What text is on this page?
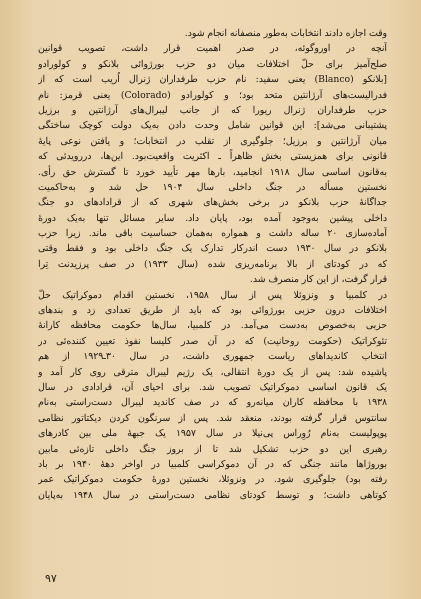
وقت اجازه دادند انتخابات به‌طور منصفانه انجام شود.
آنچه در اوروگوئه، در صدر اهمیت قرار داشت، تصویب قوانین
صلح‌آمیز برای حلّ اختلافات میان دو حزب بورژوائی بلانکو و کولورادو
[بلانکو (Blanco) یعنی سفید: نام حزب طرفداران ژنرال اُریب است که از
فدرالیست‌های آرژانتین متحد بود؛ و کولورادو (Colorado) یعنی قرمز: نام
حزب طرفداران ژنرال ریورا که از جانب لیبرال‌های آرژانتین و برزیل
پشتیبانی می‌شد]: این قوانین شامل وحدت دادن به‌یک دولت کوچک ساختگی
میان آرژانتین و برزیل؛ جلوگیری از تقلب در انتخابات؛ و یافتن نوعی پایهٔ
قانونی برای همزیستی بخش ظاهراً ـ اکثریت واقعیت‌بود. این‌ها، دررویدئی که
به‌قانون اساسی سال ۱۹۱۸ انجامید، بارها مهر‌ تأیید خورد تا گسترش حق رأی.
نخستین مسأله در جنگ داخلی سال ۱۹۰۴ حل شد و به‌حاکمیت
جداگانهٔ حزب بلانکو در برخی بخش‌های شهری که از قرادادهای دو جنگ
داخلی پیشین به‌وجود آمده بود، پایان داد. سایر مسائل تنها به‌یک دورهٔ
آماده‌سازی ۲۰ ساله داشت و همواره به‌همان حساسیت باقی ماند. زیرا حزب
بلانکو در سال ۱۹۳۰ دست اندرکار تدارک یک جنگ داخلی بود و فقط وقتی
که در کودتای از بالا برنامه‌ریزی شده (سال ۱۹۳۳) در صف پرزیدنت تِرا
قرار گرفت، از این کار منصرف شد.
در کلمبیا و ونزوئلا پس از سال ۱۹۵۸، نخستین اقدام دموکراتیک حلّ
اختلافات درون حزبی بورژوائی بود که باید از طریق تعدادی زد و بندهای
حزبی به‌خصوص به‌دست می‌آمد. در کلمبیا، سال‌ها حکومت محافظه کارانهٔ
تئوکراتیک (حکومت روحانیت) که در آن صدر کلیسا نفوذ تعیین کننده‌ئی در
انتخاب کاندیداهای ریاست جمهوری داشت، در سال ۳۰ـ۱۹۲۹ از هم
پاشیده شد: پس از یک دورهٔ انتقالی، یک رژیم لیبرال مترقی روی کار آمد و
یک قانون اساسی دموکراتیک تصویب شد. برای احیای آن، قرادادی در سال
۱۹۳۸ با محافظه کاران میانه‌رو که در صف کاندید لیبرال دست‌راستی به‌نام
سانتوس قرار گرفته بودند، منعقد شد. پس از سرنگون کردن دیکتاتور نظامی
پوپولیست به‌نام رُوِراس پی‌نیلا در سال ۱۹۵۷ یک جبههٔ ملی بین کادرهای
رهبری این دو حزب تشکیل شد تا از بروز جنگ داخلی تازه‌ئی مابین
بوروژاها مانند جنگی که در آن دموکراسی کلمبیا در اواخر دههٔ ۱۹۴۰ بر باد
رفته بود) جلوگیری شود. در ونزوئلا، نخستین دورهٔ حکومت دموکراتیک عمر
کوتاهی داشت؛ و توسط کودتای نظامی دست‌راستی در سال ۱۹۴۸ به‌پایان
۹۷
